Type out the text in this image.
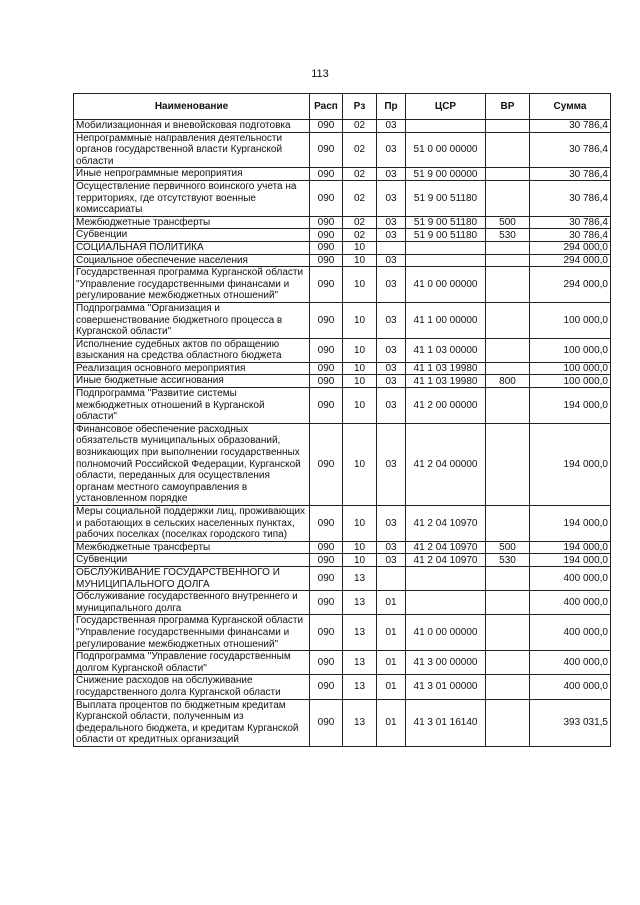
113
Наименование	Расп	Рз	Пр	ЦСР	ВР	Сумма
Мобилизационная и вневойсковая подготовка	090	02	03			30 786,4
Непрограммные направления деятельности органов государственной власти Курганской области	090	02	03	51 0 00 00000		30 786,4
Иные непрограммные мероприятия	090	02	03	51 9 00 00000		30 786,4
Осуществление первичного воинского учета на территориях, где отсутствуют военные комиссариаты	090	02	03	51 9 00 51180		30 786,4
Межбюджетные трансферты	090	02	03	51 9 00 51180	500	30 786,4
Субвенции	090	02	03	51 9 00 51180	530	30 786,4
СОЦИАЛЬНАЯ ПОЛИТИКА	090	10				294 000,0
Социальное обеспечение населения	090	10	03			294 000,0
Государственная программа Курганской области "Управление государственными финансами и регулирование межбюджетных отношений"	090	10	03	41 0 00 00000		294 000,0
Подпрограмма "Организация и совершенствование бюджетного процесса в Курганской области"	090	10	03	41 1 00 00000		100 000,0
Исполнение судебных актов по обращению взыскания на средства областного бюджета	090	10	03	41 1 03 00000		100 000,0
Реализация основного мероприятия	090	10	03	41 1 03 19980		100 000,0
Иные бюджетные ассигнования	090	10	03	41 1 03 19980	800	100 000,0
Подпрограмма "Развитие системы межбюджетных отношений в Курганской области"	090	10	03	41 2 00 00000		194 000,0
Финансовое обеспечение расходных обязательств муниципальных образований, возникающих при выполнении государственных полномочий Российской Федерации, Курганской области, переданных для осуществления органам местного самоуправления в установленном порядке	090	10	03	41 2 04 00000		194 000,0
Меры социальной поддержки лиц, проживающих и работающих в сельских населенных пунктах, рабочих поселках (поселках городского типа)	090	10	03	41 2 04 10970		194 000,0
Межбюджетные трансферты	090	10	03	41 2 04 10970	500	194 000,0
Субвенции	090	10	03	41 2 04 10970	530	194 000,0
ОБСЛУЖИВАНИЕ ГОСУДАРСТВЕННОГО И МУНИЦИПАЛЬНОГО ДОЛГА	090	13				400 000,0
Обслуживание государственного внутреннего и муниципального долга	090	13	01			400 000,0
Государственная программа Курганской области "Управление государственными финансами и регулирование межбюджетных отношений"	090	13	01	41 0 00 00000		400 000,0
Подпрограмма "Управление государственным долгом Курганской области"	090	13	01	41 3 00 00000		400 000,0
Снижение расходов на обслуживание государственного долга Курганской области	090	13	01	41 3 01 00000		400 000,0
Выплата процентов по бюджетным кредитам Курганской области, полученным из федерального бюджета, и кредитам Курганской области от кредитных организаций	090	13	01	41 3 01 16140		393 031,5
